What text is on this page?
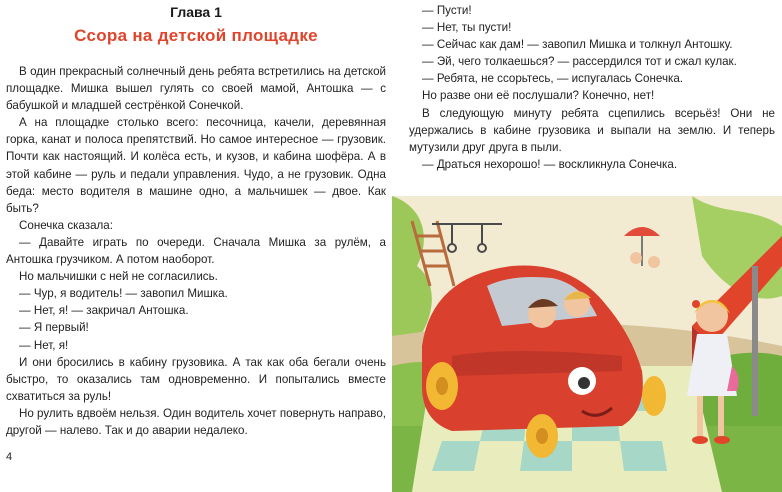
Глава 1
Ссора на детской площадке

В один прекрасный солнечный день ребята встретились на детской площадке. Мишка вышел гулять со своей мамой, Антошка — с бабушкой и младшей сестрёнкой Сонечкой.

А на площадке столько всего: песочница, качели, деревянная горка, канат и полоса препятствий. Но самое интересное — грузовик. Почти как настоящий. И колёса есть, и кузов, и кабина шофёра. А в этой кабине — руль и педали управления. Чудо, а не грузовик. Одна беда: место водителя в машине одно, а мальчишек — двое. Как быть?

Сонечка сказала:

— Давайте играть по очереди. Сначала Мишка за рулём, а Антошка грузчиком. А потом наоборот.

Но мальчишки с ней не согласились.

— Чур, я водитель! — завопил Мишка.

— Нет, я! — закричал Антошка.

— Я первый!

— Нет, я!

И они бросились в кабину грузовика. А так как оба бегали очень быстро, то оказались там одновременно. И попытались вместе схватиться за руль!

Но рулить вдвоём нельзя. Один водитель хочет повернуть направо, другой — налево. Так и до аварии недалеко.

4

— Пусти!

— Нет, ты пусти!

— Сейчас как дам! — завопил Мишка и толкнул Антошку.

— Эй, чего толкаешься? — рассердился тот и сжал кулак.

— Ребята, не ссорьтесь, — испугалась Сонечка.

Но разве они её послушали? Конечно, нет!

В следующую минуту ребята сцепились всерьёз! Они не удержались в кабине грузовика и выпали на землю. И теперь мутузили друг друга в пыли.

— Драться нехорошо! — воскликнула Сонечка.
